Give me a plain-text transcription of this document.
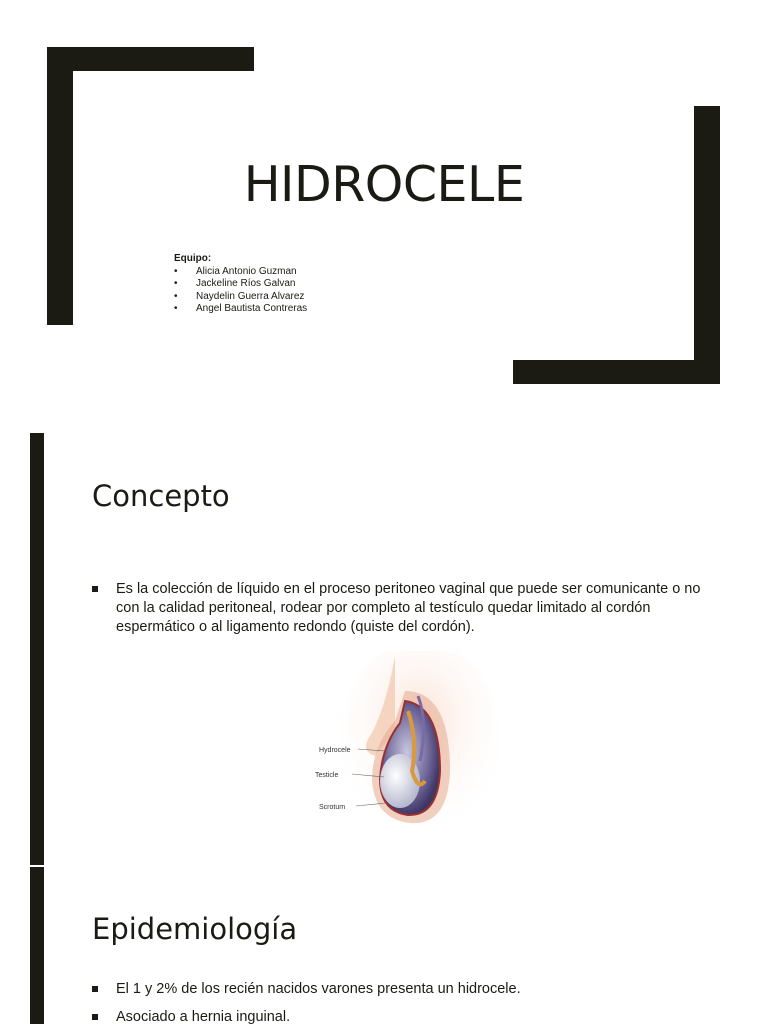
HIDROCELE
Equipo:
• Alicia Antonio Guzman
• Jackeline Ríos Galvan
• Naydelin Guerra Alvarez
• Angel Bautista Contreras
Concepto
Es la colección de líquido en el proceso peritoneo vaginal que puede ser comunicante o no con la calidad peritoneal, rodear por completo al testículo quedar limitado al cordón espermático o al ligamento redondo (quiste del cordón).
Hydrocele
Testicle
Scrotum
Epidemiología
El 1 y 2% de los recién nacidos varones presenta un hidrocele.
Asociado a hernia inguinal.
